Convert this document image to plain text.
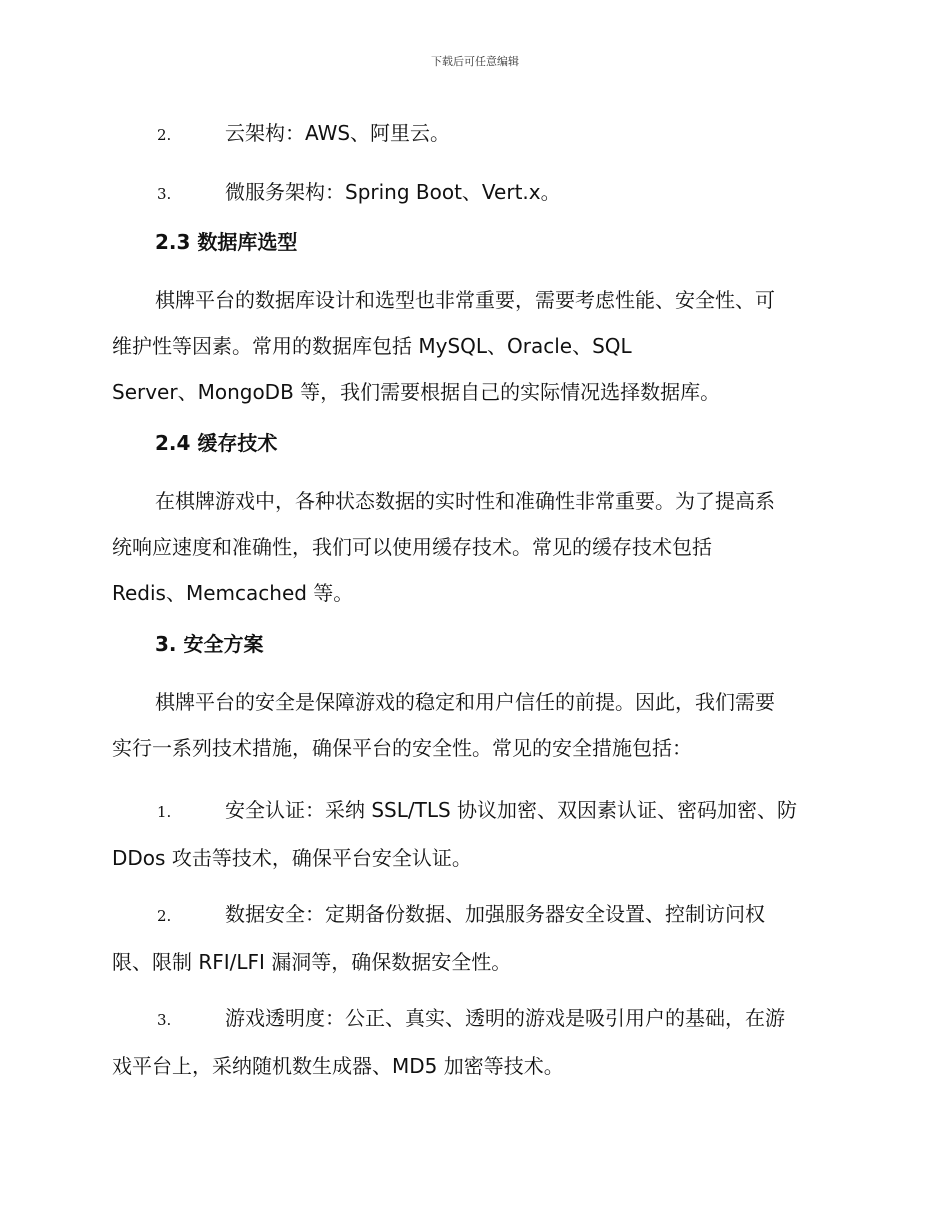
下载后可任意编辑
2.	云架构：AWS、阿里云。
3.	微服务架构：Spring Boot、Vert.x。
2.3 数据库选型
棋牌平台的数据库设计和选型也非常重要，需要考虑性能、安全性、可
维护性等因素。常用的数据库包括 MySQL、Oracle、SQL
Server、MongoDB 等，我们需要根据自己的实际情况选择数据库。
2.4 缓存技术
在棋牌游戏中，各种状态数据的实时性和准确性非常重要。为了提高系
统响应速度和准确性，我们可以使用缓存技术。常见的缓存技术包括
Redis、Memcached 等。
3. 安全方案
棋牌平台的安全是保障游戏的稳定和用户信任的前提。因此，我们需要
实行一系列技术措施，确保平台的安全性。常见的安全措施包括：
1.	安全认证：采纳 SSL/TLS 协议加密、双因素认证、密码加密、防
DDos 攻击等技术，确保平台安全认证。
2.	数据安全：定期备份数据、加强服务器安全设置、控制访问权
限、限制 RFI/LFI 漏洞等，确保数据安全性。
3.	游戏透明度：公正、真实、透明的游戏是吸引用户的基础，在游
戏平台上，采纳随机数生成器、MD5 加密等技术。
